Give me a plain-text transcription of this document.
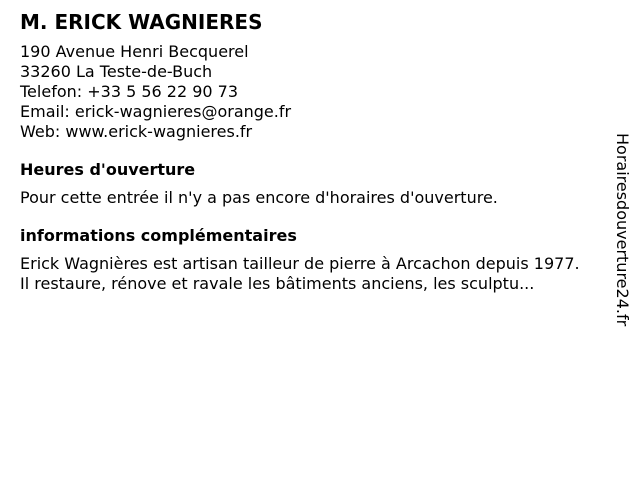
M. ERICK WAGNIERES
190 Avenue Henri Becquerel
33260 La Teste-de-Buch
Telefon: +33 5 56 22 90 73
Email: erick-wagnieres@orange.fr
Web: www.erick-wagnieres.fr
Heures d'ouverture
Pour cette entrée il n'y a pas encore d'horaires d'ouverture.
informations complémentaires
Erick Wagnières est artisan tailleur de pierre à Arcachon depuis 1977.
Il restaure, rénove et ravale les bâtiments anciens, les sculptu...	Horairesdouverture24.fr
